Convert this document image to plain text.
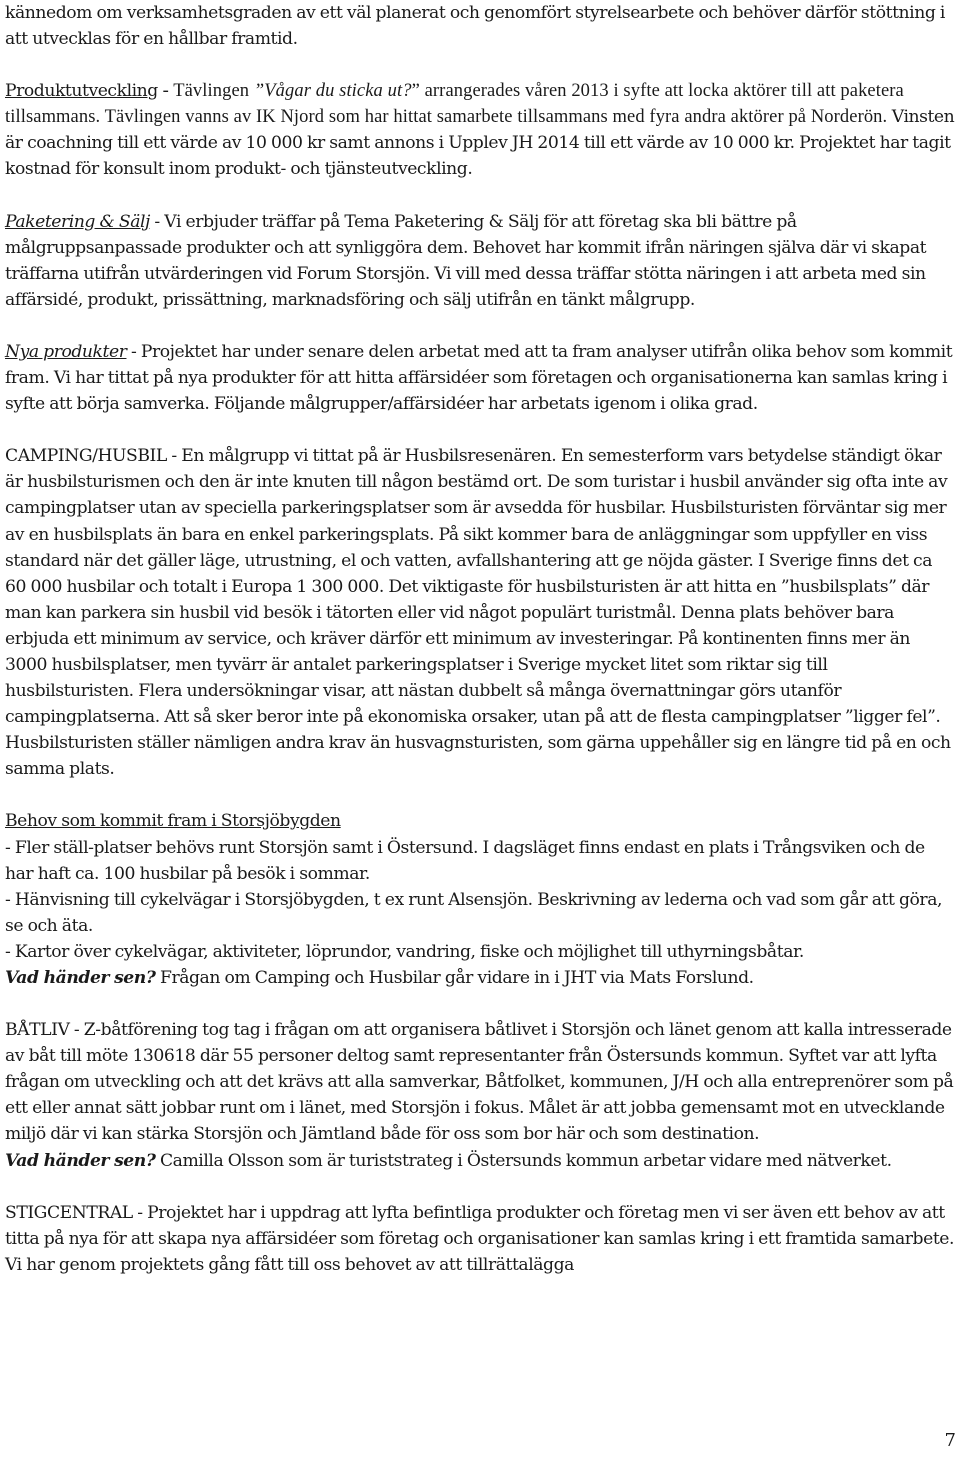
kännedom om verksamhetsgraden av ett väl planerat och genomfört styrelsearbete och behöver därför stöttning i att utvecklas för en hållbar framtid.

Produktutveckling - Tävlingen ”Vågar du sticka ut?” arrangerades våren 2013 i syfte att locka aktörer till att paketera tillsammans. Tävlingen vanns av IK Njord som har hittat samarbete tillsammans med fyra andra aktörer på Norderön. Vinsten är coachning till ett värde av 10 000 kr samt annons i Upplev JH 2014 till ett värde av 10 000 kr. Projektet har tagit kostnad för konsult inom produkt- och tjänsteutveckling.

Paketering & Sälj - Vi erbjuder träffar på Tema Paketering & Sälj för att företag ska bli bättre på målgruppsanpassade produkter och att synliggöra dem. Behovet har kommit ifrån näringen själva där vi skapat träffarna utifrån utvärderingen vid Forum Storsjön. Vi vill med dessa träffar stötta näringen i att arbeta med sin affärsidé, produkt, prissättning, marknadsföring och sälj utifrån en tänkt målgrupp.

Nya produkter - Projektet har under senare delen arbetat med att ta fram analyser utifrån olika behov som kommit fram. Vi har tittat på nya produkter för att hitta affärsidéer som företagen och organisationerna kan samlas kring i syfte att börja samverka. Följande målgrupper/affärsidéer har arbetats igenom i olika grad.

CAMPING/HUSBIL - En målgrupp vi tittat på är Husbilsresenären. En semesterform vars betydelse ständigt ökar är husbilsturismen och den är inte knuten till någon bestämd ort. De som turistar i husbil använder sig ofta inte av campingplatser utan av speciella parkeringsplatser som är avsedda för husbilar. Husbilsturisten förväntar sig mer av en husbilsplats än bara en enkel parkeringsplats. På sikt kommer bara de anläggningar som uppfyller en viss standard när det gäller läge, utrustning, el och vatten, avfallshantering att ge nöjda gäster. I Sverige finns det ca 60 000 husbilar och totalt i Europa 1 300 000. Det viktigaste för husbilsturisten är att hitta en ”husbilsplats” där man kan parkera sin husbil vid besök i tätorten eller vid något populärt turistmål. Denna plats behöver bara erbjuda ett minimum av service, och kräver därför ett minimum av investeringar. På kontinenten finns mer än 3000 husbilsplatser, men tyvärr är antalet parkeringsplatser i Sverige mycket litet som riktar sig till husbilsturisten. Flera undersökningar visar, att nästan dubbelt så många övernattningar görs utanför campingplatserna. Att så sker beror inte på ekonomiska orsaker, utan på att de flesta campingplatser ”ligger fel”. Husbilsturisten ställer nämligen andra krav än husvagnsturisten, som gärna uppehåller sig en längre tid på en och samma plats.

Behov som kommit fram i Storsjöbygden

- Fler ställ-platser behövs runt Storsjön samt i Östersund. I dagsläget finns endast en plats i Trångsviken och de har haft ca. 100 husbilar på besök i sommar.

- Hänvisning till cykelvägar i Storsjöbygden, t ex runt Alsensjön. Beskrivning av lederna och vad som går att göra, se och äta.

- Kartor över cykelvägar, aktiviteter, löprundor, vandring, fiske och möjlighet till uthyrningsbåtar.

Vad händer sen? Frågan om Camping och Husbilar går vidare in i JHT via Mats Forslund.

BÅTLIV - Z-båtförening tog tag i frågan om att organisera båtlivet i Storsjön och länet genom att kalla intresserade av båt till möte 130618 där 55 personer deltog samt representanter från Östersunds kommun. Syftet var att lyfta frågan om utveckling och att det krävs att alla samverkar, Båtfolket, kommunen, J/H och alla entreprenörer som på ett eller annat sätt jobbar runt om i länet, med Storsjön i fokus. Målet är att jobba gemensamt mot en utvecklande miljö där vi kan stärka Storsjön och Jämtland både för oss som bor här och som destination.

Vad händer sen? Camilla Olsson som är turiststrateg i Östersunds kommun arbetar vidare med nätverket.

STIGCENTRAL - Projektet har i uppdrag att lyfta befintliga produkter och företag men vi ser även ett behov av att titta på nya för att skapa nya affärsidéer som företag och organisationer kan samlas kring i ett framtida samarbete. Vi har genom projektets gång fått till oss behovet av att tillrättalägga

7
